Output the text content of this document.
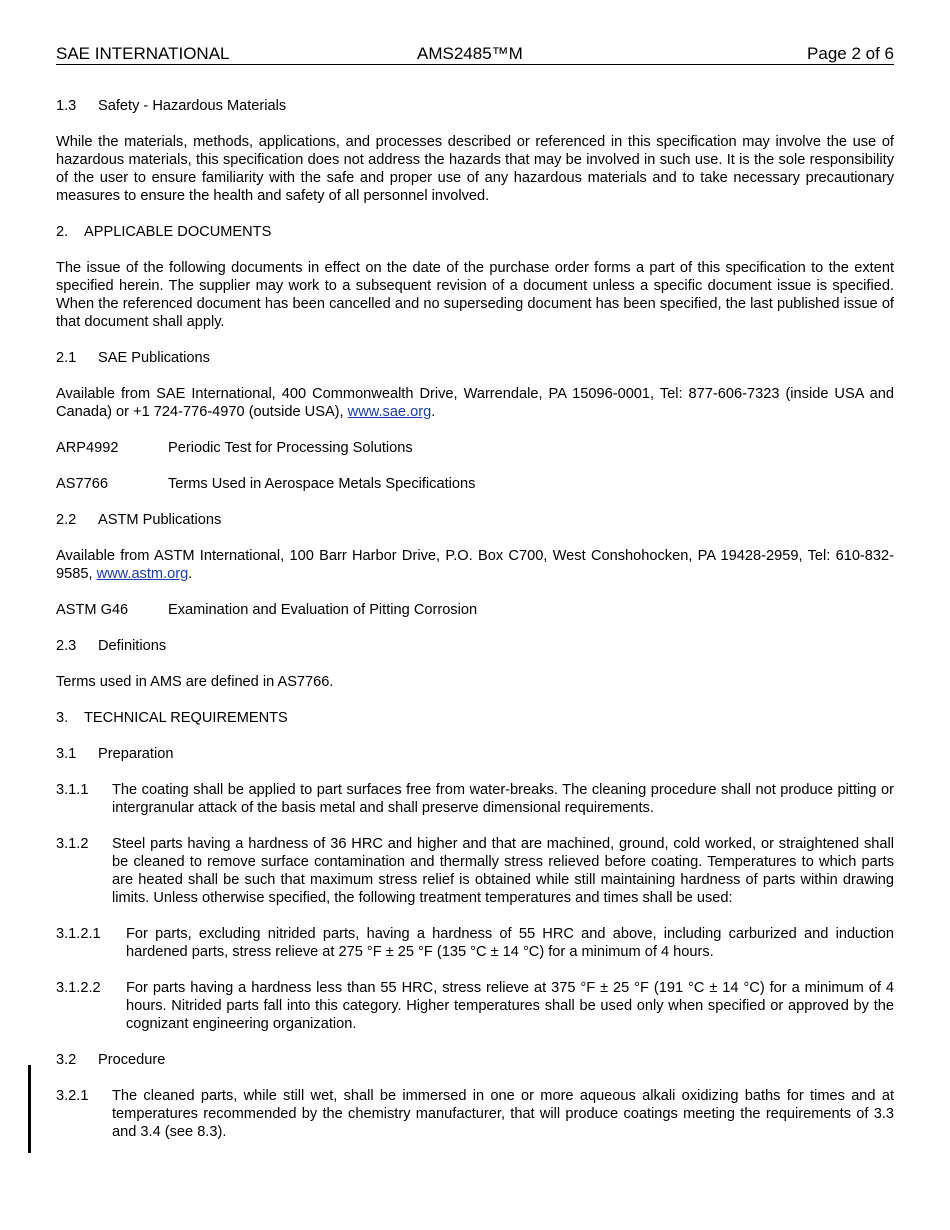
SAE INTERNATIONAL	AMS2485™M	Page 2 of 6
1.3 Safety - Hazardous Materials

While the materials, methods, applications, and processes described or referenced in this specification may involve the use of hazardous materials, this specification does not address the hazards that may be involved in such use. It is the sole responsibility of the user to ensure familiarity with the safe and proper use of any hazardous materials and to take necessary precautionary measures to ensure the health and safety of all personnel involved.

2. APPLICABLE DOCUMENTS

The issue of the following documents in effect on the date of the purchase order forms a part of this specification to the extent specified herein. The supplier may work to a subsequent revision of a document unless a specific document issue is specified. When the referenced document has been cancelled and no superseding document has been specified, the last published issue of that document shall apply.

2.1 SAE Publications

Available from SAE International, 400 Commonwealth Drive, Warrendale, PA 15096-0001, Tel: 877-606-7323 (inside USA and Canada) or +1 724-776-4970 (outside USA), www.sae.org.

ARP4992	Periodic Test for Processing Solutions
AS7766	Terms Used in Aerospace Metals Specifications
2.2 ASTM Publications

Available from ASTM International, 100 Barr Harbor Drive, P.O. Box C700, West Conshohocken, PA 19428-2959, Tel: 610-832-9585, www.astm.org.

ASTM G46	Examination and Evaluation of Pitting Corrosion
2.3 Definitions

Terms used in AMS are defined in AS7766.

3. TECHNICAL REQUIREMENTS
3.1 Preparation
3.1.1 The coating shall be applied to part surfaces free from water-breaks. The cleaning procedure shall not produce pitting or intergranular attack of the basis metal and shall preserve dimensional requirements.
3.1.2 Steel parts having a hardness of 36 HRC and higher and that are machined, ground, cold worked, or straightened shall be cleaned to remove surface contamination and thermally stress relieved before coating. Temperatures to which parts are heated shall be such that maximum stress relief is obtained while still maintaining hardness of parts within drawing limits. Unless otherwise specified, the following treatment temperatures and times shall be used:
3.1.2.1 For parts, excluding nitrided parts, having a hardness of 55 HRC and above, including carburized and induction hardened parts, stress relieve at 275 °F ± 25 °F (135 °C ± 14 °C) for a minimum of 4 hours.
3.1.2.2 For parts having a hardness less than 55 HRC, stress relieve at 375 °F ± 25 °F (191 °C ± 14 °C) for a minimum of 4 hours. Nitrided parts fall into this category. Higher temperatures shall be used only when specified or approved by the cognizant engineering organization.
3.2 Procedure
3.2.1 The cleaned parts, while still wet, shall be immersed in one or more aqueous alkali oxidizing baths for times and at temperatures recommended by the chemistry manufacturer, that will produce coatings meeting the requirements of 3.3 and 3.4 (see 8.3).
